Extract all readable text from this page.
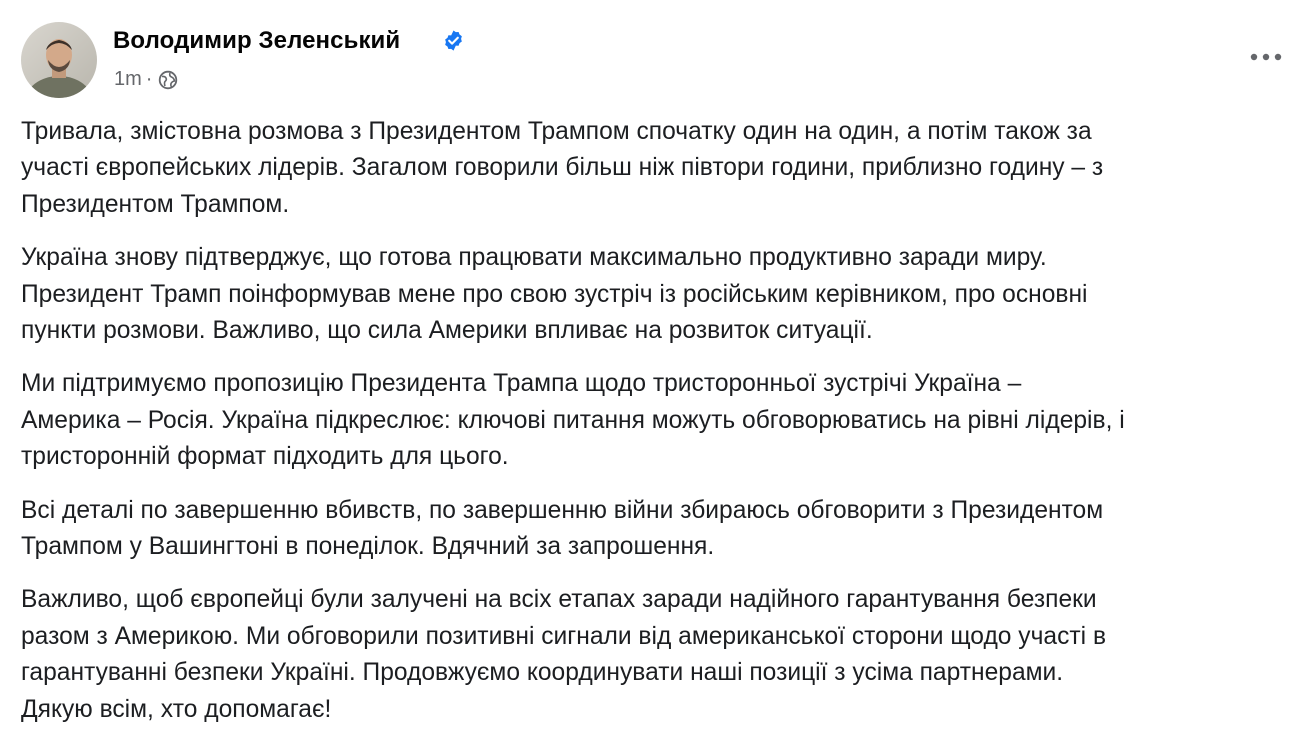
Володимир Зеленський
1m ·

Тривала, змістовна розмова з Президентом Трампом спочатку один на один, а потім також за
участі європейських лідерів. Загалом говорили більш ніж півтори години, приблизно годину – з
Президентом Трампом.

Україна знову підтверджує, що готова працювати максимально продуктивно заради миру.
Президент Трамп поінформував мене про свою зустріч із російським керівником, про основні
пункти розмови. Важливо, що сила Америки впливає на розвиток ситуації.

Ми підтримуємо пропозицію Президента Трампа щодо тристоронньої зустрічі Україна –
Америка – Росія. Україна підкреслює: ключові питання можуть обговорюватись на рівні лідерів, і
тристоронній формат підходить для цього.

Всі деталі по завершенню вбивств, по завершенню війни збираюсь обговорити з Президентом
Трампом у Вашингтоні в понеділок. Вдячний за запрошення.

Важливо, щоб європейці були залучені на всіх етапах заради надійного гарантування безпеки
разом з Америкою. Ми обговорили позитивні сигнали від американської сторони щодо участі в
гарантуванні безпеки Україні. Продовжуємо координувати наші позиції з усіма партнерами.
Дякую всім, хто допомагає!
